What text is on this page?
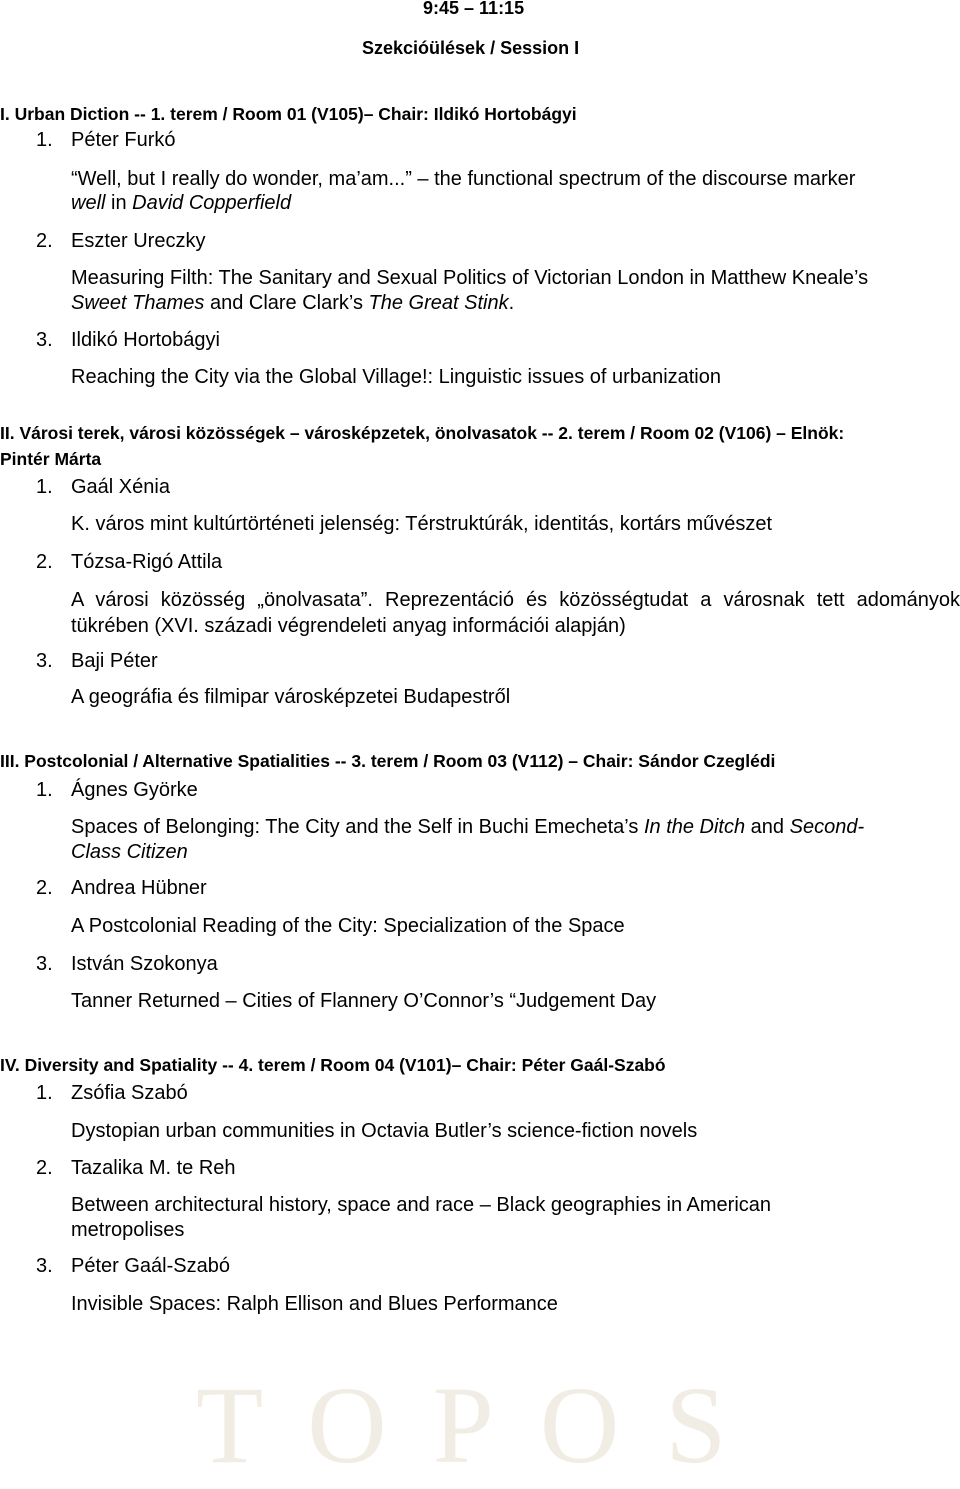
9:45 – 11:15
Szekcióülések / Session I
I. Urban Diction -- 1. terem / Room 01 (V105)– Chair: Ildikó Hortobágyi
1. Péter Furkó
“Well, but I really do wonder, ma’am...” – the functional spectrum of the discourse marker
well in David Copperfield
2. Eszter Ureczky
Measuring Filth: The Sanitary and Sexual Politics of Victorian London in Matthew Kneale’s
Sweet Thames and Clare Clark’s The Great Stink.
3. Ildikó Hortobágyi
Reaching the City via the Global Village!: Linguistic issues of urbanization
II. Városi terek, városi közösségek – városképzetek, önolvasatok -- 2. terem / Room 02 (V106) – Elnök:
Pintér Márta
1. Gaál Xénia
K. város mint kultúrtörténeti jelenség: Térstruktúrák, identitás, kortárs művészet
2. Tózsa-Rigó Attila
A városi közösség „önolvasata”. Reprezentáció és közösségtudat a városnak tett adományok tükrében (XVI. századi végrendeleti anyag információi alapján)
3. Baji Péter
A geográfia és filmipar városképzetei Budapestről
III. Postcolonial / Alternative Spatialities -- 3. terem / Room 03 (V112) – Chair: Sándor Czeglédi
1. Ágnes Györke
Spaces of Belonging: The City and the Self in Buchi Emecheta’s In the Ditch and Second-
Class Citizen
2. Andrea Hübner
A Postcolonial Reading of the City: Specialization of the Space
3. István Szokonya
Tanner Returned – Cities of Flannery O’Connor’s “Judgement Day
IV. Diversity and Spatiality -- 4. terem / Room 04 (V101)– Chair: Péter Gaál-Szabó
1. Zsófia Szabó
Dystopian urban communities in Octavia Butler’s science-fiction novels
2. Tazalika M. te Reh
Between architectural history, space and race – Black geographies in American
metropolises
3. Péter Gaál-Szabó
Invisible Spaces: Ralph Ellison and Blues Performance
TOPOS
